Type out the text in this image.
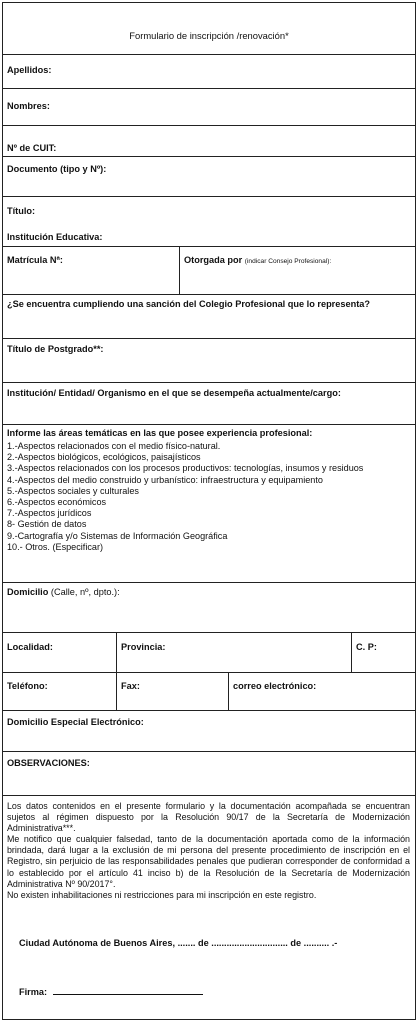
Formulario de inscripción /renovación*
Apellidos:
Nombres:
Nº de CUIT:
Documento (tipo y Nº):
Título:
Institución Educativa:
Matrícula Nª:	Otorgada por (indicar Consejo Profesional):
¿Se encuentra cumpliendo una sanción del Colegio Profesional que lo representa?
Título de Postgrado**:
Institución/ Entidad/ Organismo en el que se desempeña actualmente/cargo:
Informe las áreas temáticas en las que posee experiencia profesional:
1.-Aspectos relacionados con el medio físico-natural.
2.-Aspectos biológicos, ecológicos, paisajísticos
3.-Aspectos relacionados con los procesos productivos: tecnologías, insumos y residuos
4.-Aspectos del medio construido y urbanístico: infraestructura y equipamiento
5.-Aspectos sociales y culturales
6.-Aspectos económicos
7.-Aspectos jurídicos
8- Gestión de datos
9.-Cartografía y/o Sistemas de Información Geográfica
10.- Otros. (Especificar)
Domicilio (Calle, nº, dpto.):
Localidad:	Provincia:	C. P:
Teléfono:	Fax:	correo electrónico:
Domicilio Especial Electrónico:
OBSERVACIONES:
Los datos contenidos en el presente formulario y la documentación acompañada se encuentran sujetos al régimen dispuesto por la Resolución 90/17 de la Secretaría de Modernización Administrativa***.
Me notifico que cualquier falsedad, tanto de la documentación aportada como de la información brindada, dará lugar a la exclusión de mi persona del presente procedimiento de inscripción en el Registro, sin perjuicio de las responsabilidades penales que pudieran corresponder de conformidad a lo establecido por el artículo 41 inciso b) de la Resolución de la Secretaría de Modernización Administrativa Nº 90/2017°.
No existen inhabilitaciones ni restricciones para mi inscripción en este registro.
Ciudad Autónoma de Buenos Aires, ....... de .............................. de .......... .-
Firma:
